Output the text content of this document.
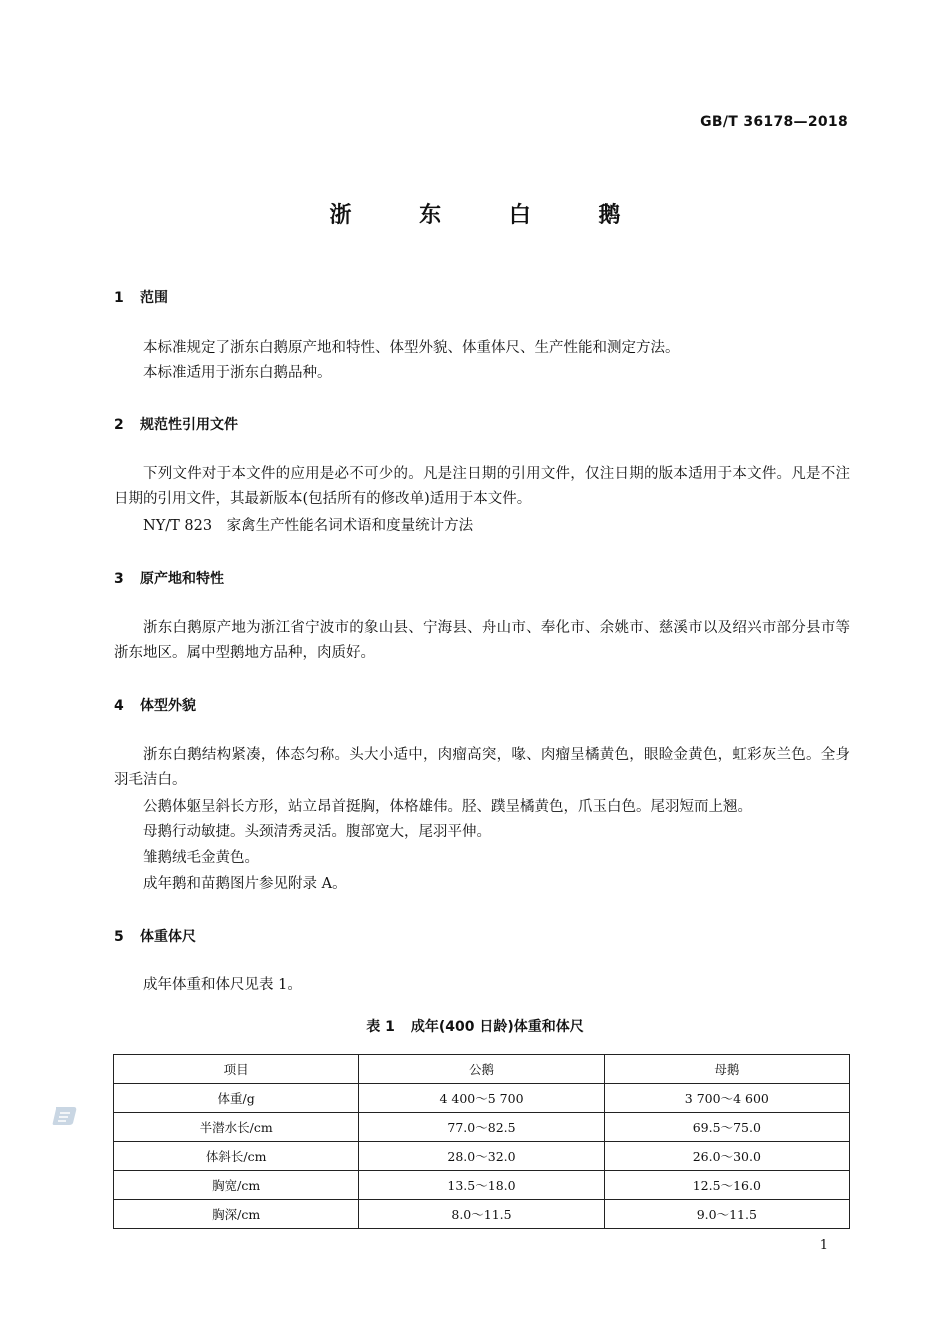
GB/T 36178—2018
浙 东 白 鹅
1 范围
本标准规定了浙东白鹅原产地和特性、体型外貌、体重体尺、生产性能和测定方法。
本标准适用于浙东白鹅品种。
2 规范性引用文件
下列文件对于本文件的应用是必不可少的。凡是注日期的引用文件，仅注日期的版本适用于本文件。凡是不注日期的引用文件，其最新版本(包括所有的修改单)适用于本文件。
NY/T 823　家禽生产性能名词术语和度量统计方法
3 原产地和特性
浙东白鹅原产地为浙江省宁波市的象山县、宁海县、舟山市、奉化市、余姚市、慈溪市以及绍兴市部分县市等浙东地区。属中型鹅地方品种，肉质好。
4 体型外貌
浙东白鹅结构紧凑，体态匀称。头大小适中，肉瘤高突，喙、肉瘤呈橘黄色，眼睑金黄色，虹彩灰兰色。全身羽毛洁白。
公鹅体躯呈斜长方形，站立昂首挺胸，体格雄伟。胫、蹼呈橘黄色，爪玉白色。尾羽短而上翘。
母鹅行动敏捷。头颈清秀灵活。腹部宽大，尾羽平伸。
雏鹅绒毛金黄色。
成年鹅和苗鹅图片参见附录 A。
5 体重体尺
成年体重和体尺见表 1。
表 1 成年(400 日龄)体重和体尺
项目	公鹅	母鹅
体重/g	4 400～5 700	3 700～4 600
半潜水长/cm	77.0～82.5	69.5～75.0
体斜长/cm	28.0～32.0	26.0～30.0
胸宽/cm	13.5～18.0	12.5～16.0
胸深/cm	8.0～11.5	9.0～11.5
1
